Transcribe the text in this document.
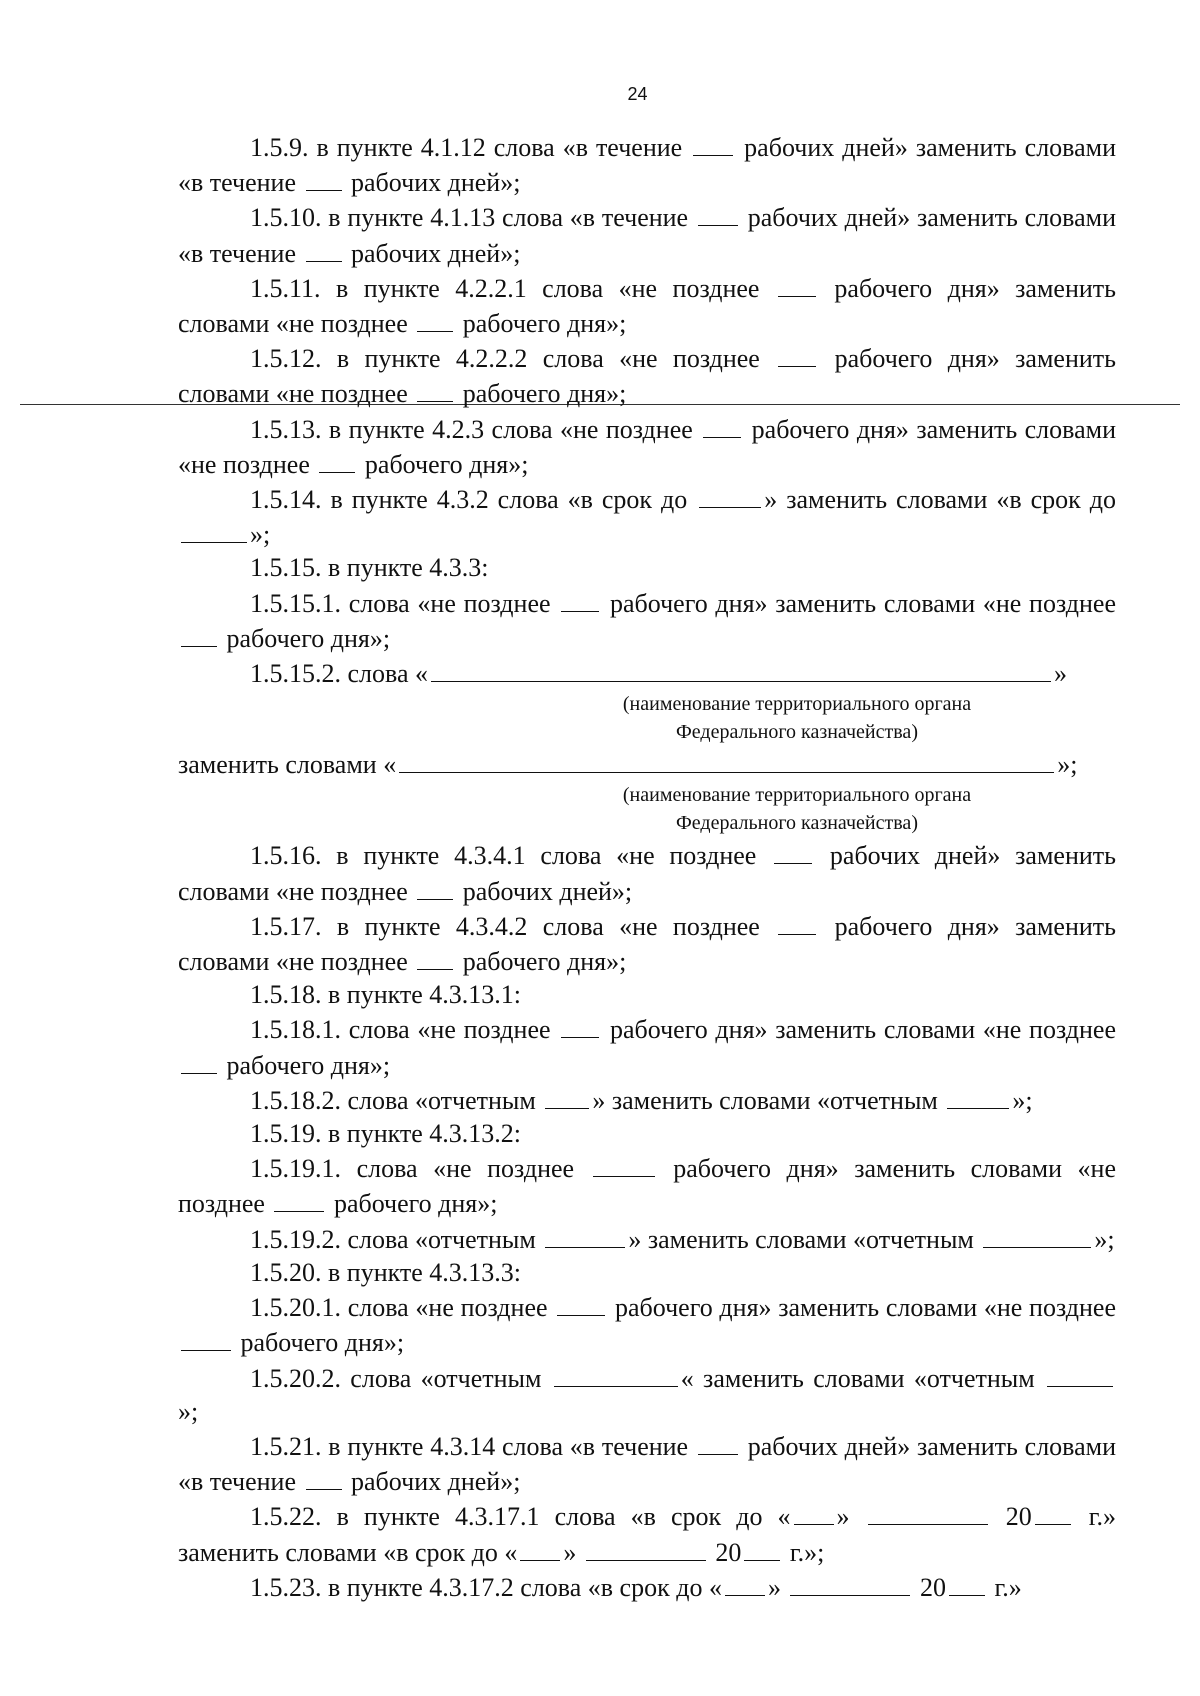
24

1.5.9. в пункте 4.1.12 слова «в течение рабочих дней» заменить словами «в течение рабочих дней»;

1.5.10. в пункте 4.1.13 слова «в течение рабочих дней» заменить словами «в течение рабочих дней»;

1.5.11. в пункте 4.2.2.1 слова «не позднее	рабочего дня» заменить словами «не позднее рабочего дня»;

1.5.12. в пункте 4.2.2.2 слова «не позднее	рабочего дня» заменить словами «не позднее рабочего дня»;

1.5.13. в пункте 4.2.3 слова «не позднее рабочего дня» заменить словами «не позднее рабочего дня»;

1.5.14. в пункте 4.3.2 слова «в срок до	» заменить словами «в срок до »;

1.5.15. в пункте 4.3.3:

1.5.15.1. слова «не позднее рабочего дня» заменить словами «не позднее  рабочего дня»;

1.5.15.2. слова «	»

(наименование территориального органа

Федерального казначейства)

заменить словами «	»;

(наименование территориального органа

Федерального казначейства)

1.5.16. в пункте 4.3.4.1 слова «не позднее	рабочих дней» заменить словами «не позднее рабочих дней»;

1.5.17. в пункте 4.3.4.2 слова «не позднее	рабочего дня» заменить словами «не позднее рабочего дня»;

1.5.18. в пункте 4.3.13.1:

1.5.18.1. слова «не позднее рабочего дня» заменить словами «не позднее  рабочего дня»;

1.5.18.2. слова «отчетным » заменить словами «отчетным	»;

1.5.19. в пункте 4.3.13.2:

1.5.19.1. слова «не позднее	рабочего дня» заменить словами «не позднее	рабочего дня»;

1.5.19.2. слова «отчетным	» заменить словами «отчетным	»;

1.5.20. в пункте 4.3.13.3:

1.5.20.1. слова «не позднее	рабочего дня» заменить словами «не позднее  рабочего дня»;

1.5.20.2. слова «отчетным	« заменить словами «отчетным »;

1.5.21. в пункте 4.3.14 слова «в течение рабочих дней» заменить словами «в течение рабочих дней»;

1.5.22. в пункте 4.3.17.1 слова «в срок до « »	20 г.» заменить словами «в срок до « »	20 г.»;

1.5.23. в пункте 4.3.17.2 слова «в срок до « »	20 г.»
